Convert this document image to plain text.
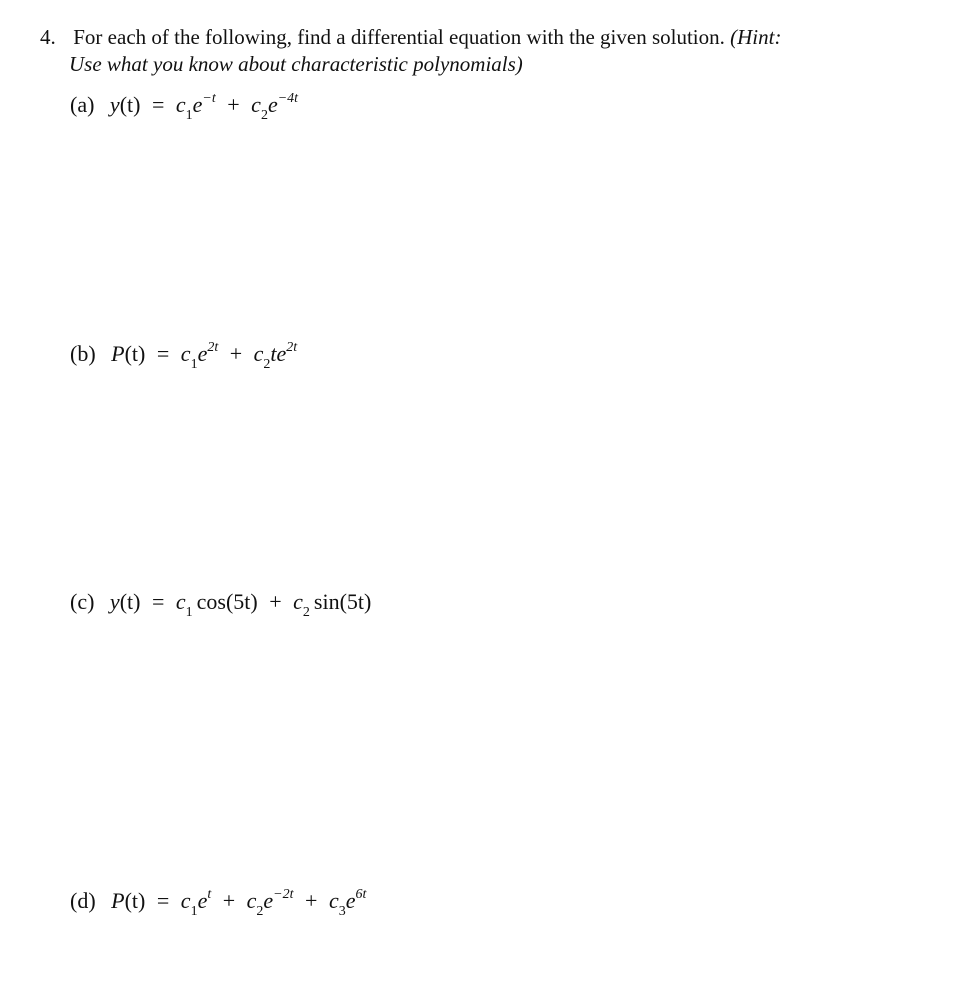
4. For each of the following, find a differential equation with the given solution. (Hint:
Use what you know about characteristic polynomials)
(a) $y(t) = c_1e^{-t} + c_2e^{-4t}$
(b) $P(t) = c_1e^{2t} + c_2te^{2t}$
(c) $y(t) = c_1$ $\cos(5t) + c_2$ sin(5t)
(d) $P(t) = c_1e^t + c_2e^{-2t} + c_3e^{6t}$
